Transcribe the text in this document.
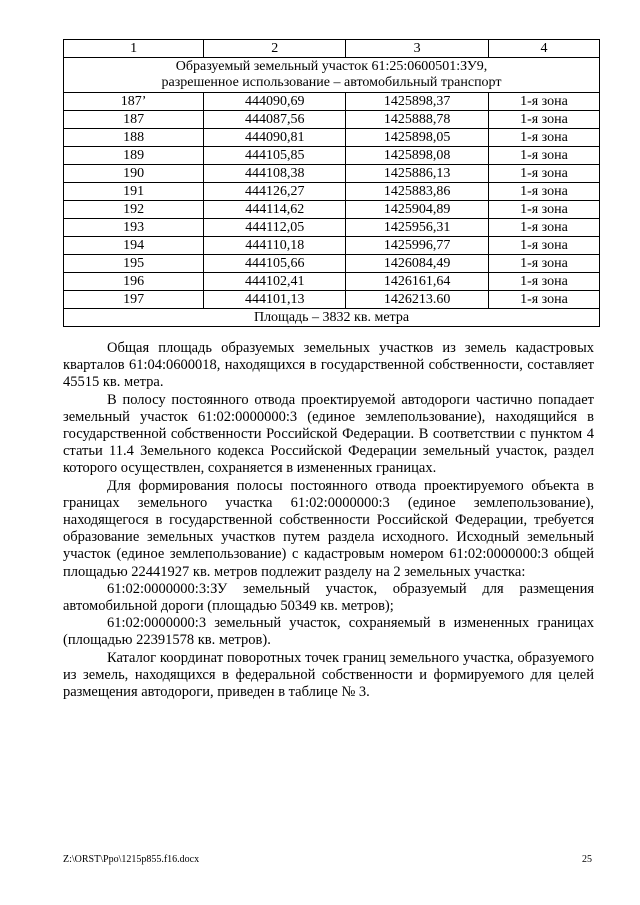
1	2	3	4

Образуемый земельный участок 61:25:0600501:ЗУ9,
разрешенное использование – автомобильный транспорт			

187’	444090,69	1425898,37	1-я зона
187	444087,56	1425888,78	1-я зона
188	444090,81	1425898,05	1-я зона
189	444105,85	1425898,08	1-я зона
190	444108,38	1425886,13	1-я зона
191	444126,27	1425883,86	1-я зона
192	444114,62	1425904,89	1-я зона
193	444112,05	1425956,31	1-я зона
194	444110,18	1425996,77	1-я зона
195	444105,66	1426084,49	1-я зона
196	444102,41	1426161,64	1-я зона
197	444101,13	1426213.60	1-я зона
Площадь – 3832 кв. метра			

Общая площадь образуемых земельных участков из земель кадастровых кварталов 61:04:0600018, находящихся в государственной собственности, составляет 45515 кв. метра.

В полосу постоянного отвода проектируемой автодороги частично попадает земельный участок 61:02:0000000:3 (единое землепользование), находящийся в государственной собственности Российской Федерации. В соответствии с пунктом 4 статьи 11.4 Земельного кодекса Российской Федерации земельный участок, раздел которого осуществлен, сохраняется в измененных границах.

Для формирования полосы постоянного отвода проектируемого объекта в границах земельного участка 61:02:0000000:3 (единое землепользование), находящегося в государственной собственности Российской Федерации, требуется образование земельных участков путем раздела исходного. Исходный земельный участок (единое землепользование) с кадастровым номером 61:02:0000000:3 общей площадью 22441927 кв. метров подлежит разделу на 2 земельных участка:

61:02:0000000:3:ЗУ земельный участок, образуемый для размещения автомобильной дороги (площадью 50349 кв. метров);

61:02:0000000:3 земельный участок, сохраняемый в измененных границах (площадью 22391578 кв. метров).

Каталог координат поворотных точек границ земельного участка, образуемого из земель, находящихся в федеральной собственности и формируемого для целей размещения автодороги, приведен в таблице № 3.

Z:\ORST\Ppo\1215p855.f16.docx	25
